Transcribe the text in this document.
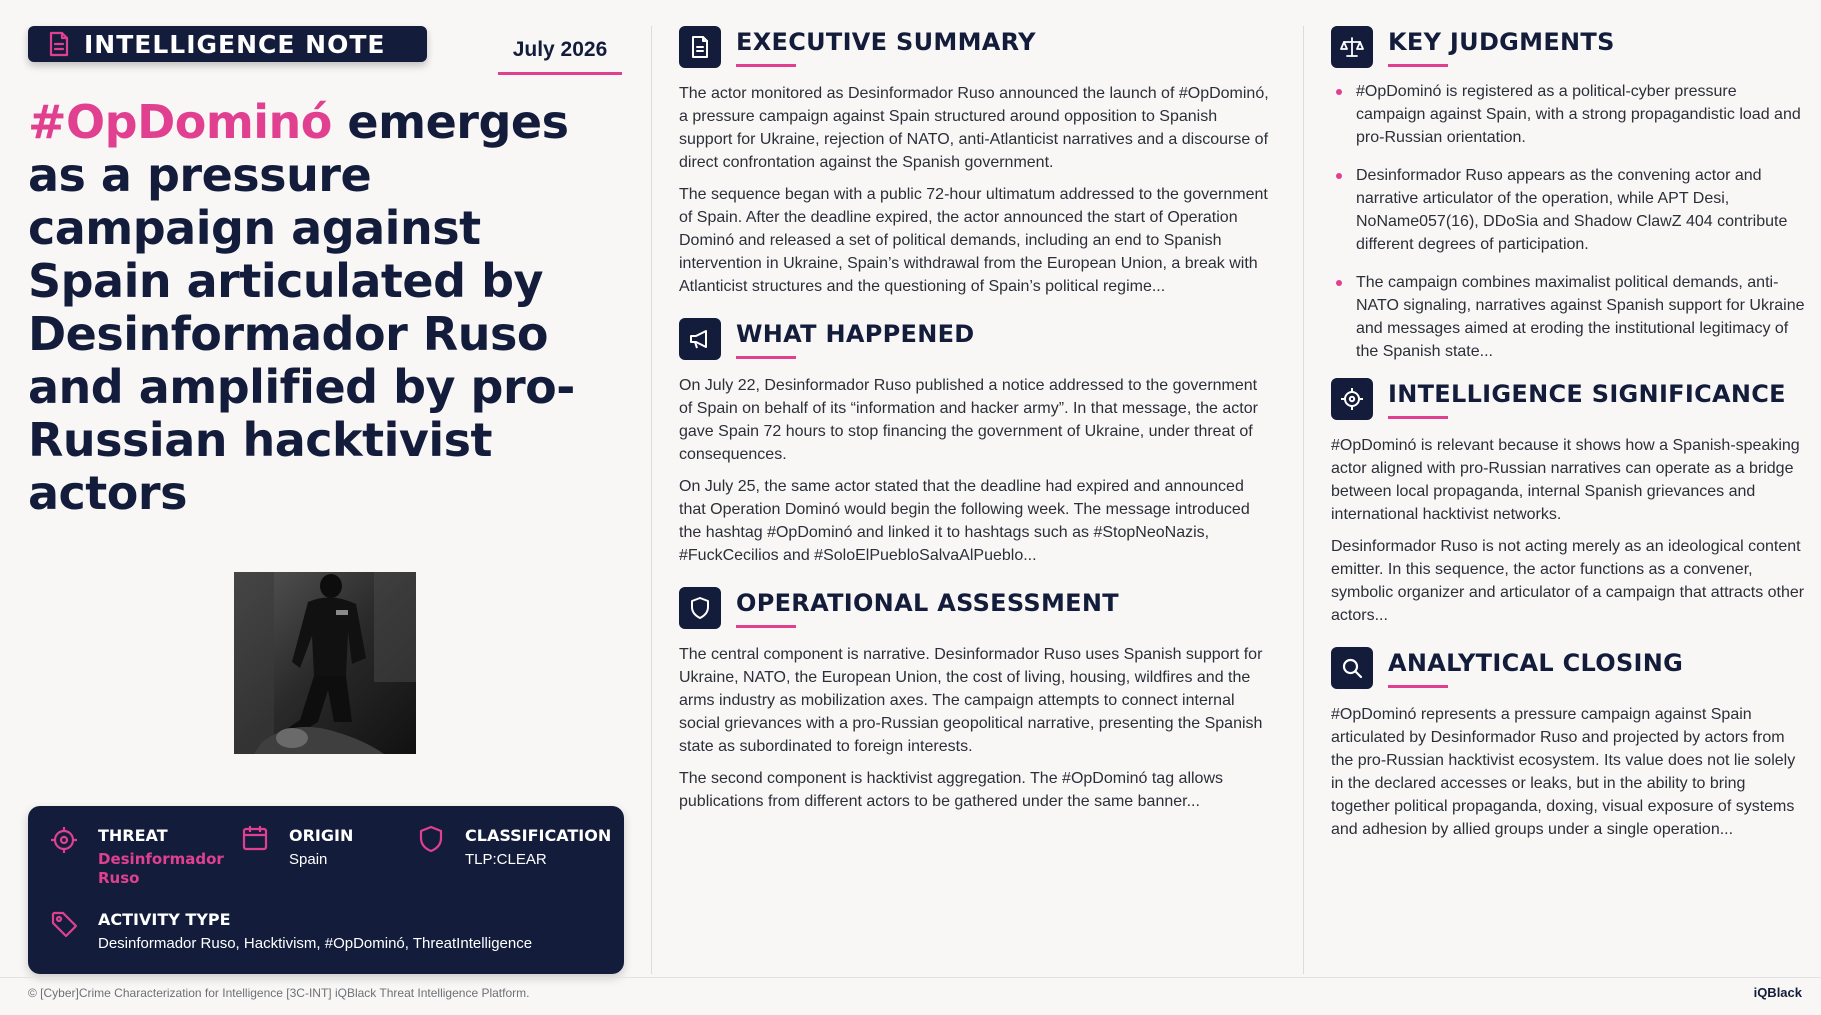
INTELLIGENCE NOTE	July 2026
#OpDominó emerges as a pressure campaign against Spain articulated by Desinformador Ruso and amplified by pro-Russian hacktivist actors
THREAT
Desinformador Ruso
ORIGIN
Spain
CLASSIFICATION
TLP:CLEAR
ACTIVITY TYPE
Desinformador Ruso, Hacktivism, #OpDominó, ThreatIntelligence
EXECUTIVE SUMMARY

The actor monitored as Desinformador Ruso announced the launch of #OpDominó, a pressure campaign against Spain structured around opposition to Spanish support for Ukraine, rejection of NATO, anti-Atlanticist narratives and a discourse of direct confrontation against the Spanish government.

The sequence began with a public 72-hour ultimatum addressed to the government of Spain. After the deadline expired, the actor announced the start of Operation Dominó and released a set of political demands, including an end to Spanish intervention in Ukraine, Spain’s withdrawal from the European Union, a break with Atlanticist structures and the questioning of Spain’s political regime...

WHAT HAPPENED

On July 22, Desinformador Ruso published a notice addressed to the government of Spain on behalf of its “information and hacker army”. In that message, the actor gave Spain 72 hours to stop financing the government of Ukraine, under threat of consequences.

On July 25, the same actor stated that the deadline had expired and announced that Operation Dominó would begin the following week. The message introduced the hashtag #OpDominó and linked it to hashtags such as #StopNeoNazis, #FuckCecilios and #SoloElPuebloSalvaAlPueblo...

OPERATIONAL ASSESSMENT

The central component is narrative. Desinformador Ruso uses Spanish support for Ukraine, NATO, the European Union, the cost of living, housing, wildfires and the arms industry as mobilization axes. The campaign attempts to connect internal social grievances with a pro-Russian geopolitical narrative, presenting the Spanish state as subordinated to foreign interests.

The second component is hacktivist aggregation. The #OpDominó tag allows publications from different actors to be gathered under the same banner...

KEY JUDGMENTS
#OpDominó is registered as a political-cyber pressure campaign against Spain, with a strong propagandistic load and pro-Russian orientation.
Desinformador Ruso appears as the convening actor and narrative articulator of the operation, while APT Desi, NoName057(16), DDoSia and Shadow ClawZ 404 contribute different degrees of participation.
The campaign combines maximalist political demands, anti-NATO signaling, narratives against Spanish support for Ukraine and messages aimed at eroding the institutional legitimacy of the Spanish state...
INTELLIGENCE SIGNIFICANCE

#OpDominó is relevant because it shows how a Spanish-speaking actor aligned with pro-Russian narratives can operate as a bridge between local propaganda, internal Spanish grievances and international hacktivist networks.

Desinformador Ruso is not acting merely as an ideological content emitter. In this sequence, the actor functions as a convener, symbolic organizer and articulator of a campaign that attracts other actors...

ANALYTICAL CLOSING

#OpDominó represents a pressure campaign against Spain articulated by Desinformador Ruso and projected by actors from the pro-Russian hacktivist ecosystem. Its value does not lie solely in the declared accesses or leaks, but in the ability to bring together political propaganda, doxing, visual exposure of systems and adhesion by allied groups under a single operation...

© [Cyber]Crime Characterization for Intelligence [3C-INT] iQBlack Threat Intelligence Platform.	iQBlack
